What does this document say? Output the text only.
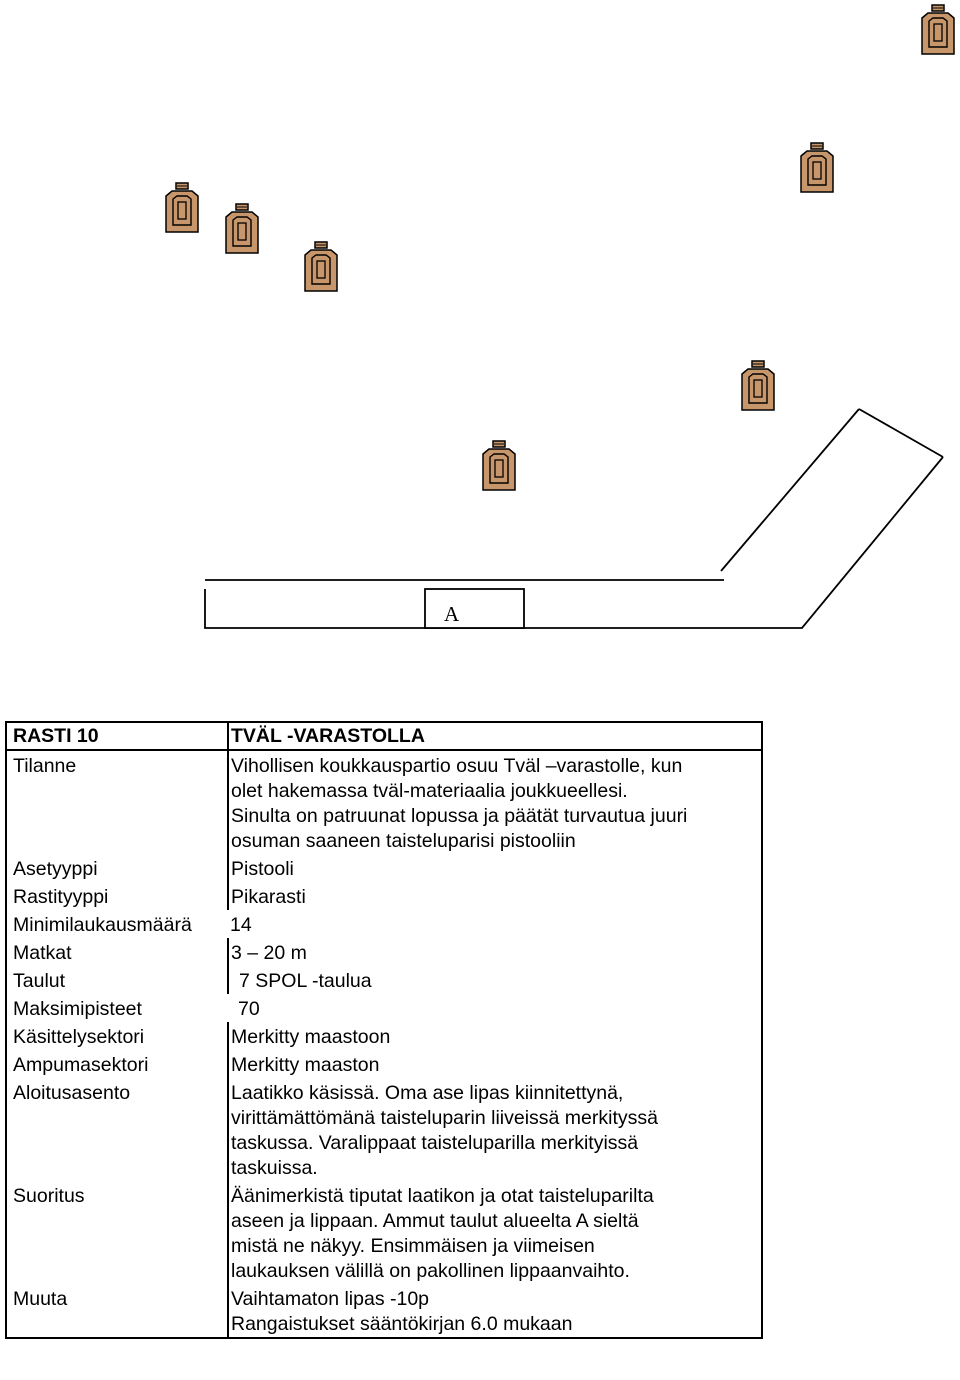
A
RASTI 10	TVÄL -VARASTOLLA
Tilanne	Vihollisen koukkauspartio osuu Tväl –varastolle, kun

olet hakemassa tväl-materiaalia joukkueellesi.

Sinulta on patruunat lopussa ja päätät turvautua juuri

osuman saaneen taisteluparisi pistooliin

Asetyyppi	Pistooli
Rastityyppi	Pikarasti
Minimilaukausmäärä	14
Matkat	3 – 20 m
Taulut	7 SPOL -taulua
Maksimipisteet	70
Käsittelysektori	Merkitty maastoon
Ampumasektori	Merkitty maaston
Aloitusasento	Laatikko käsissä. Oma ase lipas kiinnitettynä,

virittämättömänä taisteluparin liiveissä merkityssä

taskussa. Varalippaat taisteluparilla merkityissä

taskuissa.

Suoritus	Äänimerkistä tiputat laatikon ja otat taisteluparilta

aseen ja lippaan. Ammut taulut alueelta A sieltä

mistä ne näkyy. Ensimmäisen ja viimeisen

laukauksen välillä on pakollinen lippaanvaihto.

Muuta	Vaihtamaton lipas -10p

Rangaistukset sääntökirjan 6.0 mukaan
